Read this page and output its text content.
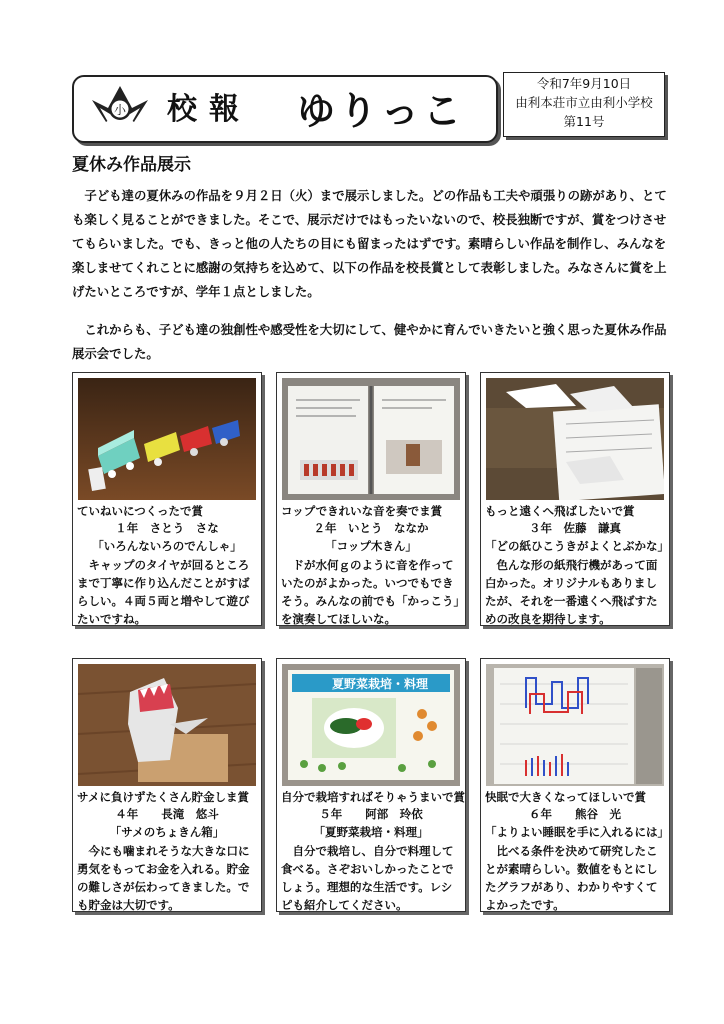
小 校報 ゆりっこ
令和7年9月10日
由利本荘市立由利小学校
第11号
夏休み作品展示
子ども達の夏休みの作品を９月２日（火）まで展示しました。どの作品も工夫や頑張りの跡があり、とても楽しく見ることができました。そこで、展示だけではもったいないので、校長独断ですが、賞をつけさせてもらいました。でも、きっと他の人たちの目にも留まったはずです。素晴らしい作品を制作し、みんなを楽しませてくれことに感謝の気持ちを込めて、以下の作品を校長賞として表彰しました。みなさんに賞を上げたいところですが、学年１点としました。
これからも、子ども達の独創性や感受性を大切にして、健やかに育んでいきたいと強く思った夏休み作品展示会でした。
ていねいにつくったで賞
１年　さとう　さな
「いろんないろのでんしゃ」
キャップのタイヤが回るところまで丁寧に作り込んだことがすばらしい。４両５両と増やして遊びたいですね。
コップできれいな音を奏でま賞
２年　いとう　ななか
「コップ木きん」
ドが水何ｇのように音を作っていたのがよかった。いつでもできそう。みんなの前でも「かっこう」を演奏してほしいな。
もっと遠くへ飛ばしたいで賞
３年　佐藤　謙真
「どの紙ひこうきがよくとぶかな」
色んな形の紙飛行機があって面白かった。オリジナルもありましたが、それを一番遠くへ飛ばすための改良を期待します。
サメに負けずたくさん貯金しま賞
４年　　長滝　悠斗
「サメのちょきん箱」
今にも噛まれそうな大きな口に勇気をもってお金を入れる。貯金の難しさが伝わってきました。でも貯金は大切です。
夏野菜栽培・料理
自分で栽培すればそりゃうまいで賞
５年　　阿部　玲依
「夏野菜栽培・料理」
自分で栽培し、自分で料理して食べる。さぞおいしかったことでしょう。理想的な生活です。レシピも紹介してください。
快眠で大きくなってほしいで賞
６年　　熊谷　光
「よりよい睡眠を手に入れるには」
比べる条件を決めて研究したことが素晴らしい。数値をもとにしたグラフがあり、わかりやすくてよかったです。
